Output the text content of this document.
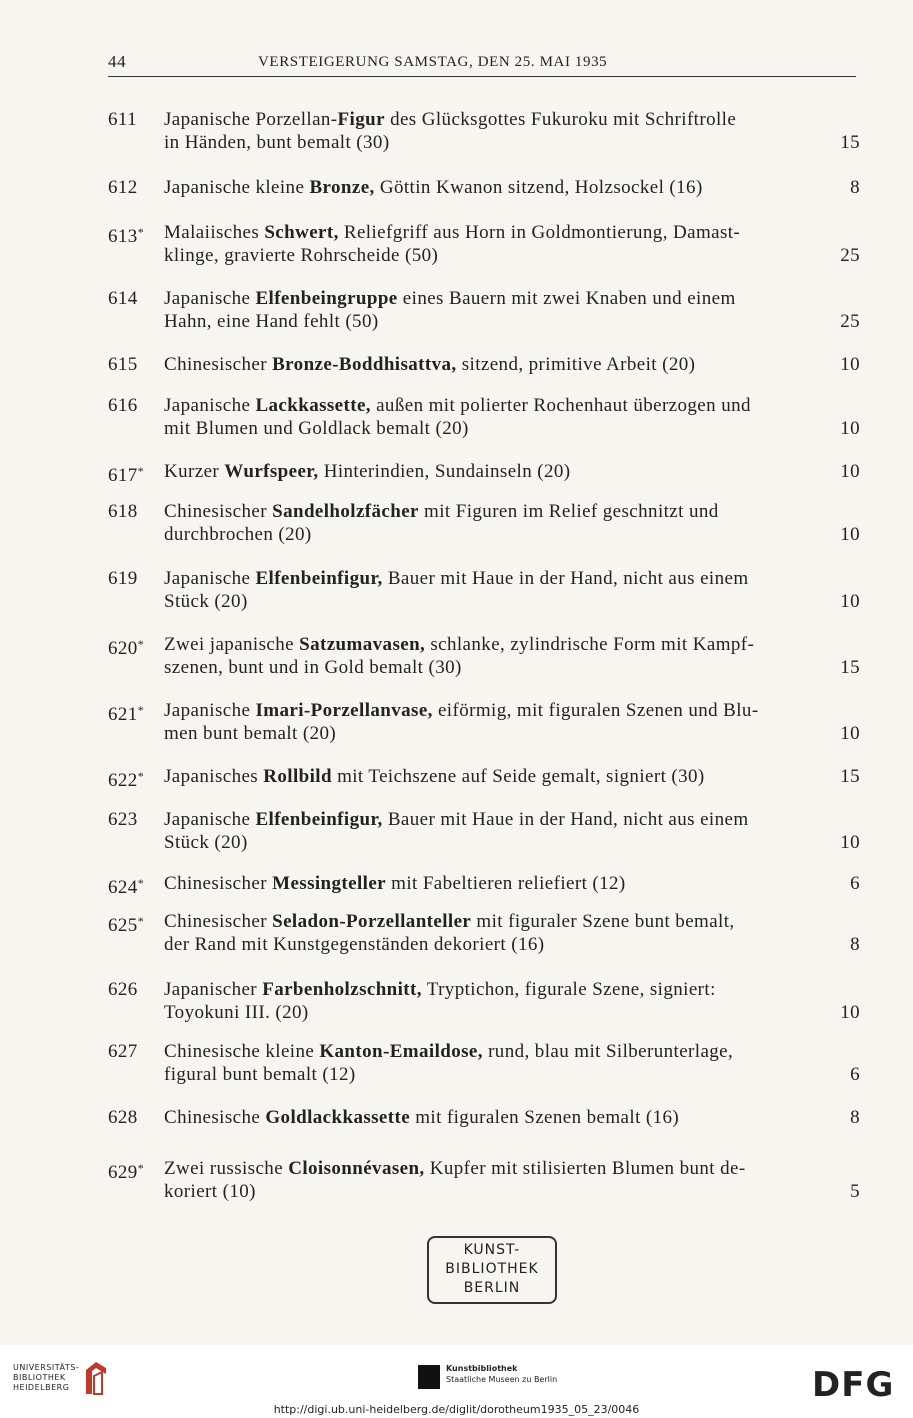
44	VERSTEIGERUNG SAMSTAG, DEN 25. MAI 1935
611	Japanische Porzellan-Figur des Glücksgottes Fukuroku mit Schriftrolle
in Händen, bunt bemalt (30)	15
612	Japanische kleine Bronze, Göttin Kwanon sitzend, Holzsockel (16)	8
613*	Malaiisches Schwert, Reliefgriff aus Horn in Goldmontierung, Damast-
klinge, gravierte Rohrscheide (50)	25
614	Japanische Elfenbeingruppe eines Bauern mit zwei Knaben und einem
Hahn, eine Hand fehlt (50)	25
615	Chinesischer Bronze-Boddhisattva, sitzend, primitive Arbeit (20)	10
616	Japanische Lackkassette, außen mit polierter Rochenhaut überzogen und
mit Blumen und Goldlack bemalt (20)	10
617*	Kurzer Wurfspeer, Hinterindien, Sundainseln (20)	10
618	Chinesischer Sandelholzfächer mit Figuren im Relief geschnitzt und
durchbrochen (20)	10
619	Japanische Elfenbeinfigur, Bauer mit Haue in der Hand, nicht aus einem
Stück (20)	10
620*	Zwei japanische Satzumavasen, schlanke, zylindrische Form mit Kampf-
szenen, bunt und in Gold bemalt (30)	15
621*	Japanische Imari-Porzellanvase, eiförmig, mit figuralen Szenen und Blu-
men bunt bemalt (20)	10
622*	Japanisches Rollbild mit Teichszene auf Seide gemalt, signiert (30)	15
623	Japanische Elfenbeinfigur, Bauer mit Haue in der Hand, nicht aus einem
Stück (20)	10
624*	Chinesischer Messingteller mit Fabeltieren reliefiert (12)	6
625*	Chinesischer Seladon-Porzellanteller mit figuraler Szene bunt bemalt,
der Rand mit Kunstgegenständen dekoriert (16)	8
626	Japanischer Farbenholzschnitt, Tryptichon, figurale Szene, signiert:
Toyokuni III. (20)	10
627	Chinesische kleine Kanton-Emaildose, rund, blau mit Silberunterlage,
figural bunt bemalt (12)	6
628	Chinesische Goldlackkassette mit figuralen Szenen bemalt (16)	8
629*	Zwei russische Cloisonnévasen, Kupfer mit stilisierten Blumen bunt de-
koriert (10)	5
KUNST-
BIBLIOTHEK
BERLIN
UNIVERSITÄTS-
BIBLIOTHEK
HEIDELBERG
Kunstbibliothek
Staatliche Museen zu Berlin	DFG
http://digi.ub.uni-heidelberg.de/diglit/dorotheum1935_05_23/0046
